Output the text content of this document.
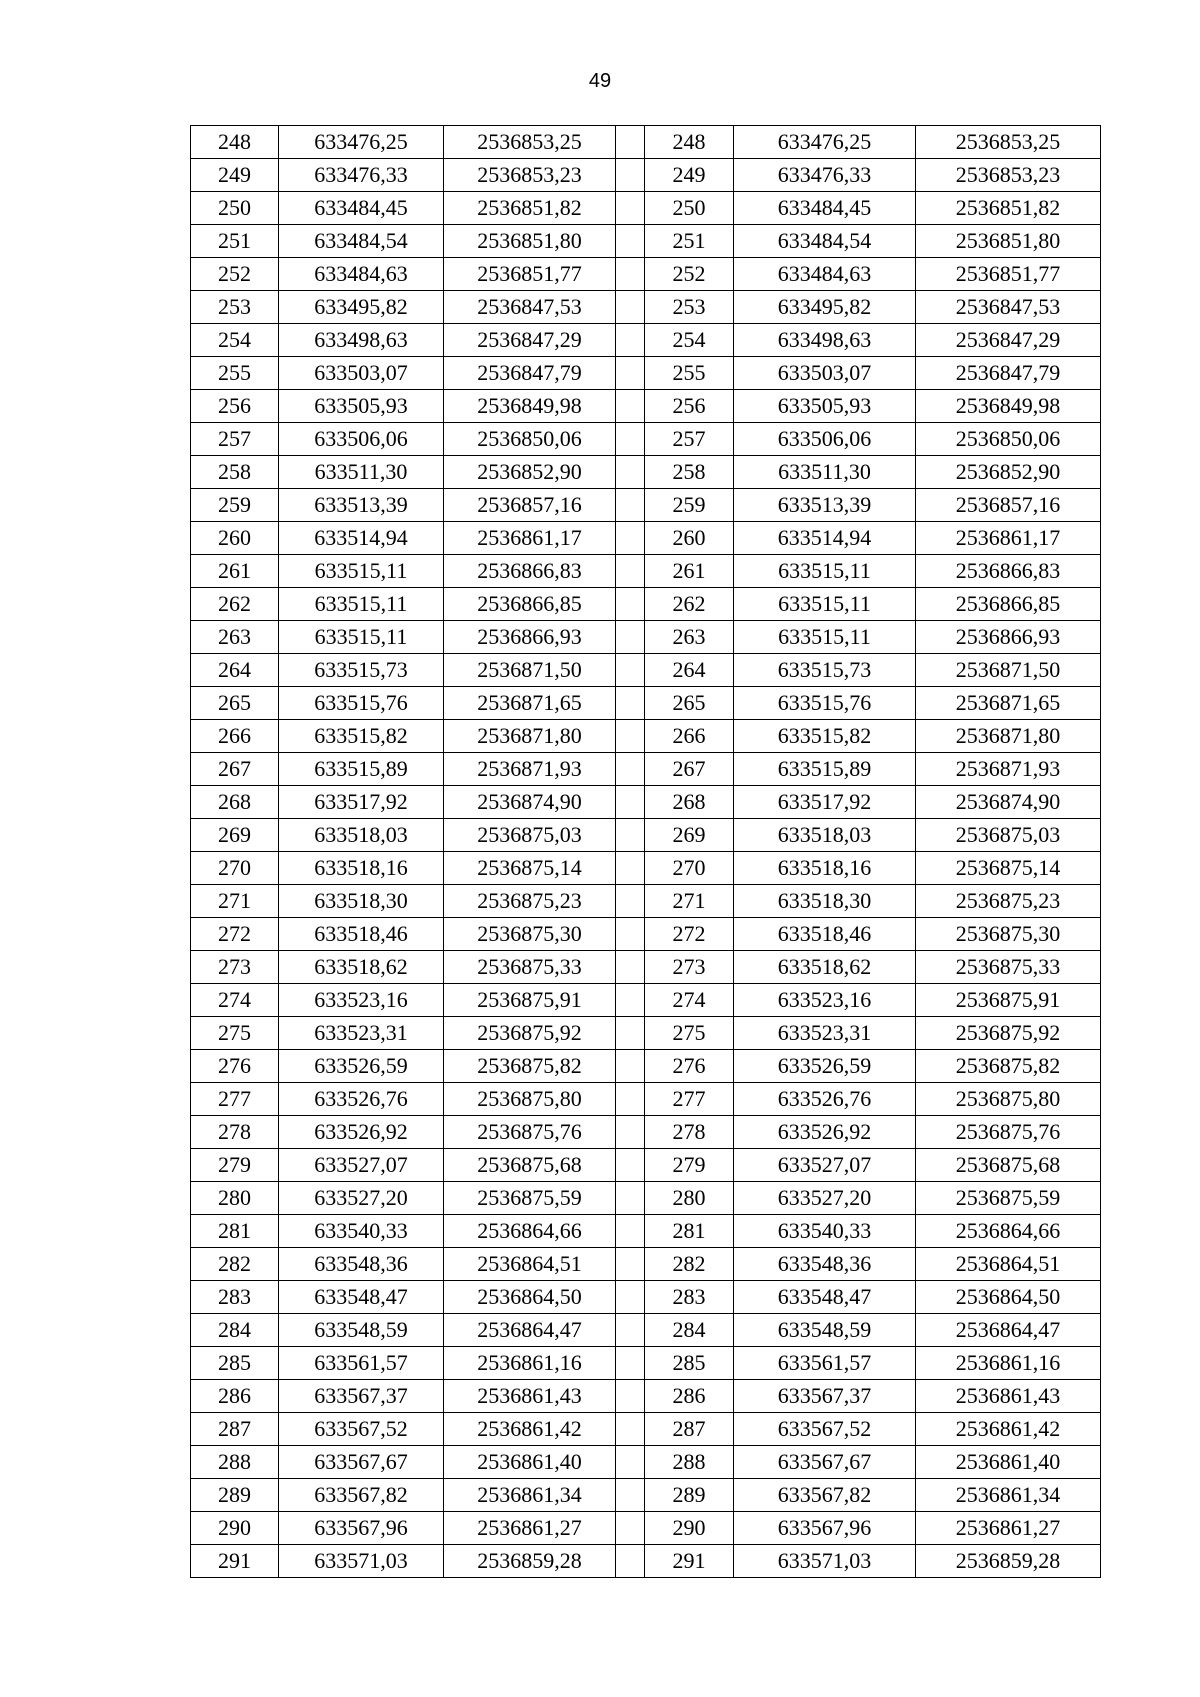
49
248	633476,25	2536853,25		248	633476,25	2536853,25
249	633476,33	2536853,23		249	633476,33	2536853,23
250	633484,45	2536851,82		250	633484,45	2536851,82
251	633484,54	2536851,80		251	633484,54	2536851,80
252	633484,63	2536851,77		252	633484,63	2536851,77
253	633495,82	2536847,53		253	633495,82	2536847,53
254	633498,63	2536847,29		254	633498,63	2536847,29
255	633503,07	2536847,79		255	633503,07	2536847,79
256	633505,93	2536849,98		256	633505,93	2536849,98
257	633506,06	2536850,06		257	633506,06	2536850,06
258	633511,30	2536852,90		258	633511,30	2536852,90
259	633513,39	2536857,16		259	633513,39	2536857,16
260	633514,94	2536861,17		260	633514,94	2536861,17
261	633515,11	2536866,83		261	633515,11	2536866,83
262	633515,11	2536866,85		262	633515,11	2536866,85
263	633515,11	2536866,93		263	633515,11	2536866,93
264	633515,73	2536871,50		264	633515,73	2536871,50
265	633515,76	2536871,65		265	633515,76	2536871,65
266	633515,82	2536871,80		266	633515,82	2536871,80
267	633515,89	2536871,93		267	633515,89	2536871,93
268	633517,92	2536874,90		268	633517,92	2536874,90
269	633518,03	2536875,03		269	633518,03	2536875,03
270	633518,16	2536875,14		270	633518,16	2536875,14
271	633518,30	2536875,23		271	633518,30	2536875,23
272	633518,46	2536875,30		272	633518,46	2536875,30
273	633518,62	2536875,33		273	633518,62	2536875,33
274	633523,16	2536875,91		274	633523,16	2536875,91
275	633523,31	2536875,92		275	633523,31	2536875,92
276	633526,59	2536875,82		276	633526,59	2536875,82
277	633526,76	2536875,80		277	633526,76	2536875,80
278	633526,92	2536875,76		278	633526,92	2536875,76
279	633527,07	2536875,68		279	633527,07	2536875,68
280	633527,20	2536875,59		280	633527,20	2536875,59
281	633540,33	2536864,66		281	633540,33	2536864,66
282	633548,36	2536864,51		282	633548,36	2536864,51
283	633548,47	2536864,50		283	633548,47	2536864,50
284	633548,59	2536864,47		284	633548,59	2536864,47
285	633561,57	2536861,16		285	633561,57	2536861,16
286	633567,37	2536861,43		286	633567,37	2536861,43
287	633567,52	2536861,42		287	633567,52	2536861,42
288	633567,67	2536861,40		288	633567,67	2536861,40
289	633567,82	2536861,34		289	633567,82	2536861,34
290	633567,96	2536861,27		290	633567,96	2536861,27
291	633571,03	2536859,28		291	633571,03	2536859,28
